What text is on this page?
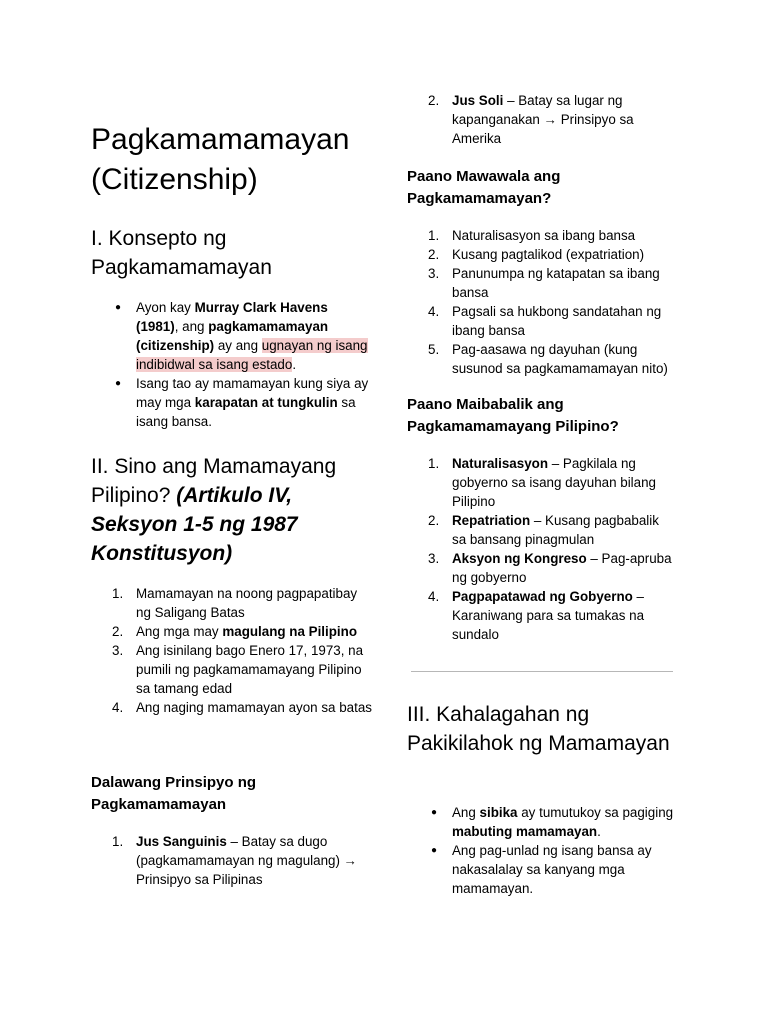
Pagkamamamayan
(Citizenship)
I. Konsepto ng Pagkamamamayan
● Ayon kay Murray Clark Havens (1981), ang pagkamamamayan (citizenship) ay ang ugnayan ng isang indibidwal sa isang estado.
● Isang tao ay mamamayan kung siya ay may mga karapatan at tungkulin sa isang bansa.
II. Sino ang Mamamayang Pilipino? (Artikulo IV, Seksyon 1-5 ng 1987 Konstitusyon)
1. Mamamayan na noong pagpapatibay ng Saligang Batas
2. Ang mga may magulang na Pilipino
3. Ang isinilang bago Enero 17, 1973, na pumili ng pagkamamamayang Pilipino sa tamang edad
4. Ang naging mamamayan ayon sa batas
Dalawang Prinsipyo ng Pagkamamamayan
1. Jus Sanguinis – Batay sa dugo (pagkamamamayan ng magulang) → Prinsipyo sa Pilipinas
2. Jus Soli – Batay sa lugar ng kapanganakan → Prinsipyo sa Amerika
Paano Mawawala ang Pagkamamamayan?
1. Naturalisasyon sa ibang bansa
2. Kusang pagtalikod (expatriation)
3. Panunumpa ng katapatan sa ibang bansa
4. Pagsali sa hukbong sandatahan ng ibang bansa
5. Pag-aasawa ng dayuhan (kung susunod sa pagkamamamayan nito)
Paano Maibabalik ang Pagkamamamayang Pilipino?
1. Naturalisasyon – Pagkilala ng gobyerno sa isang dayuhan bilang Pilipino
2. Repatriation – Kusang pagbabalik sa bansang pinagmulan
3. Aksyon ng Kongreso – Pag-apruba ng gobyerno
4. Pagpapatawad ng Gobyerno – Karaniwang para sa tumakas na sundalo
III. Kahalagahan ng Pakikilahok ng Mamamayan
● Ang sibika ay tumutukoy sa pagiging mabuting mamamayan.
● Ang pag-unlad ng isang bansa ay nakasalalay sa kanyang mga mamamayan.
